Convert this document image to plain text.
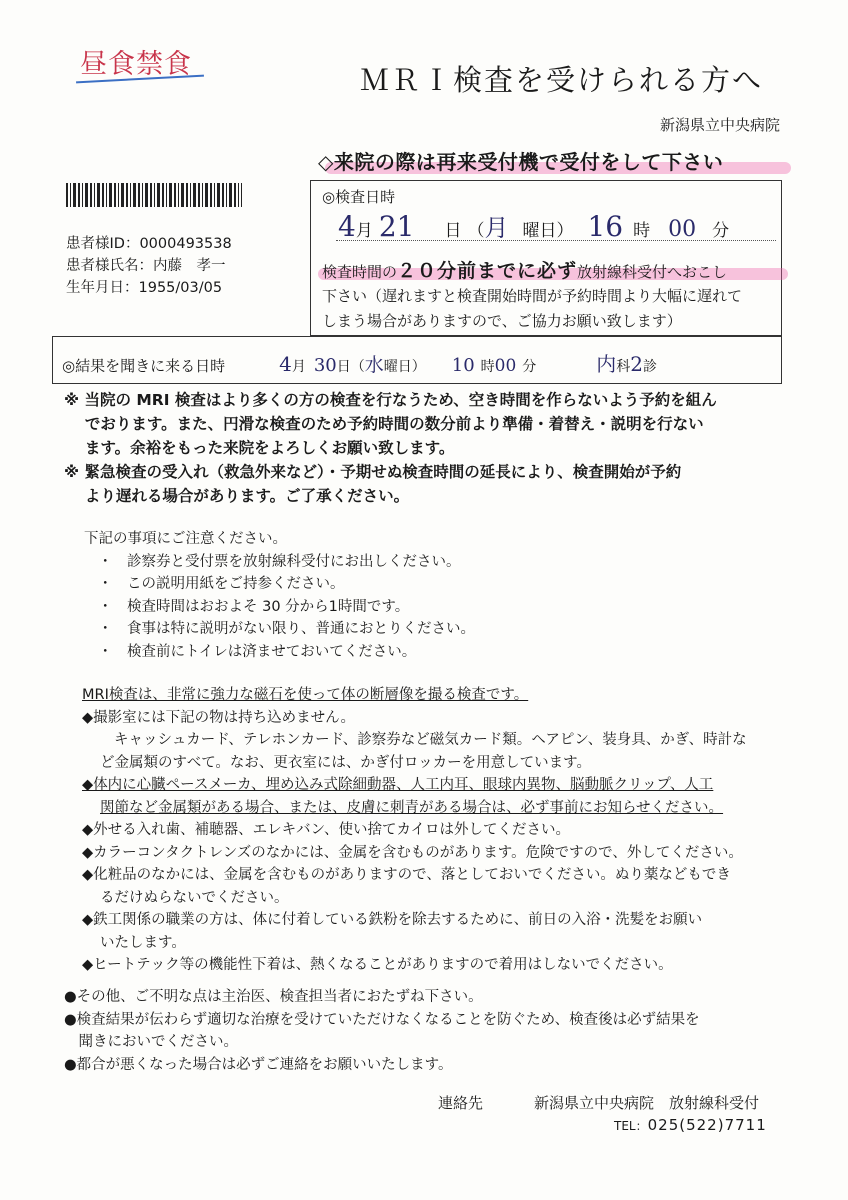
昼食禁食	ＭＲＩ検査を受けられる方へ
新潟県立中央病院
◇来院の際は再来受付機で受付をして下さい
患者様ID：0000493538
患者様氏名：内藤　孝一
生年月日：1955/03/05
◎検査日時
4月 21 日 （月 曜日） 16 時 00 分
検査時間の２０分前までに必ず放射線科受付へおこし
下さい（遅れますと検査開始時間が予約時間より大幅に遅れて
しまう場合がありますので、ご協力お願い致します）
◎結果を聞きに来る日時	4月 30日（水曜日） 10 時00 分	内科2診
※ 当院の MRI 検査はより多くの方の検査を行なうため、空き時間を作らないよう予約を組ん
　 でおります。また、円滑な検査のため予約時間の数分前より準備・着替え・説明を行ない
　 ます。余裕をもった来院をよろしくお願い致します。
※ 緊急検査の受入れ（救急外来など）・予期せぬ検査時間の延長により、検査開始が予約
　 より遅れる場合があります。ご了承ください。
下記の事項にご注意ください。
・　診察券と受付票を放射線科受付にお出しください。
・　この説明用紙をご持参ください。
・　検査時間はおおよそ 30 分から1時間です。
・　食事は特に説明がない限り、普通におとりください。
・　検査前にトイレは済ませておいてください。
MRI検査は、非常に強力な磁石を使って体の断層像を撮る検査です。
◆撮影室には下記の物は持ち込めません。
キャッシュカード、テレホンカード、診察券など磁気カード類。ヘアピン、装身具、かぎ、時計な
ど金属類のすべて。なお、更衣室には、かぎ付ロッカーを用意しています。
◆体内に心臓ペースメーカ、埋め込み式除細動器、人工内耳、眼球内異物、脳動脈クリップ、人工
関節など金属類がある場合、または、皮膚に刺青がある場合は、必ず事前にお知らせください。
◆外せる入れ歯、補聴器、エレキバン、使い捨てカイロは外してください。
◆カラーコンタクトレンズのなかには、金属を含むものがあります。危険ですので、外してください。
◆化粧品のなかには、金属を含むものがありますので、落としておいでください。ぬり薬などもでき
るだけぬらないでください。
◆鉄工関係の職業の方は、体に付着している鉄粉を除去するために、前日の入浴・洗髪をお願い
いたします。
◆ヒートテック等の機能性下着は、熱くなることがありますので着用はしないでください。
●その他、ご不明な点は主治医、検査担当者におたずね下さい。
●検査結果が伝わらず適切な治療を受けていただけなくなることを防ぐため、検査後は必ず結果を
　聞きにおいでください。
●都合が悪くなった場合は必ずご連絡をお願いいたします。
連絡先	新潟県立中央病院　放射線科受付
TEL：025(522)7711
